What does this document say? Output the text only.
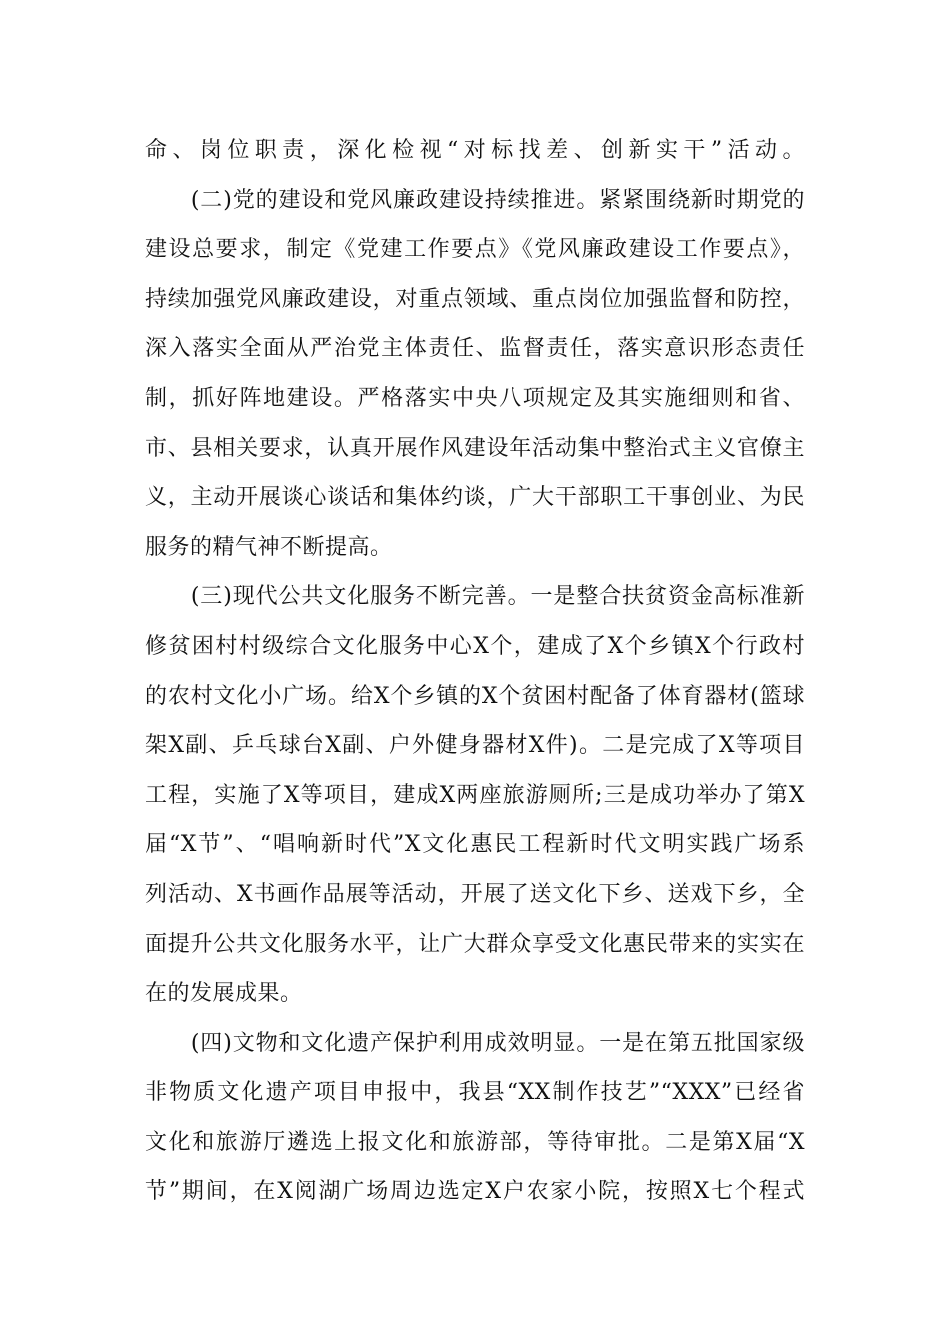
命、岗位职责，深化检视“对标找差、创新实干”活动。
　　(二)党的建设和党风廉政建设持续推进。紧紧围绕新时期党的
建设总要求，制定《党建工作要点》《党风廉政建设工作要点》，
持续加强党风廉政建设，对重点领域、重点岗位加强监督和防控，
深入落实全面从严治党主体责任、监督责任，落实意识形态责任
制，抓好阵地建设。严格落实中央八项规定及其实施细则和省、
市、县相关要求，认真开展作风建设年活动集中整治式主义官僚主
义，主动开展谈心谈话和集体约谈，广大干部职工干事创业、为民
服务的精气神不断提高。
　　(三)现代公共文化服务不断完善。一是整合扶贫资金高标准新
修贫困村村级综合文化服务中心X个，建成了X个乡镇X个行政村
的农村文化小广场。给X个乡镇的X个贫困村配备了体育器材(篮球
架X副、乒乓球台X副、户外健身器材X件)。二是完成了X等项目
工程，实施了X等项目，建成X两座旅游厕所;三是成功举办了第X
届“X节”、“唱响新时代”X文化惠民工程新时代文明实践广场系
列活动、X书画作品展等活动，开展了送文化下乡、送戏下乡，全
面提升公共文化服务水平，让广大群众享受文化惠民带来的实实在
在的发展成果。
　　(四)文物和文化遗产保护利用成效明显。一是在第五批国家级
非物质文化遗产项目申报中，我县“XX制作技艺”“XXX”已经省
文化和旅游厅遴选上报文化和旅游部，等待审批。二是第X届“X
节”期间，在X阅湖广场周边选定X户农家小院，按照X七个程式
